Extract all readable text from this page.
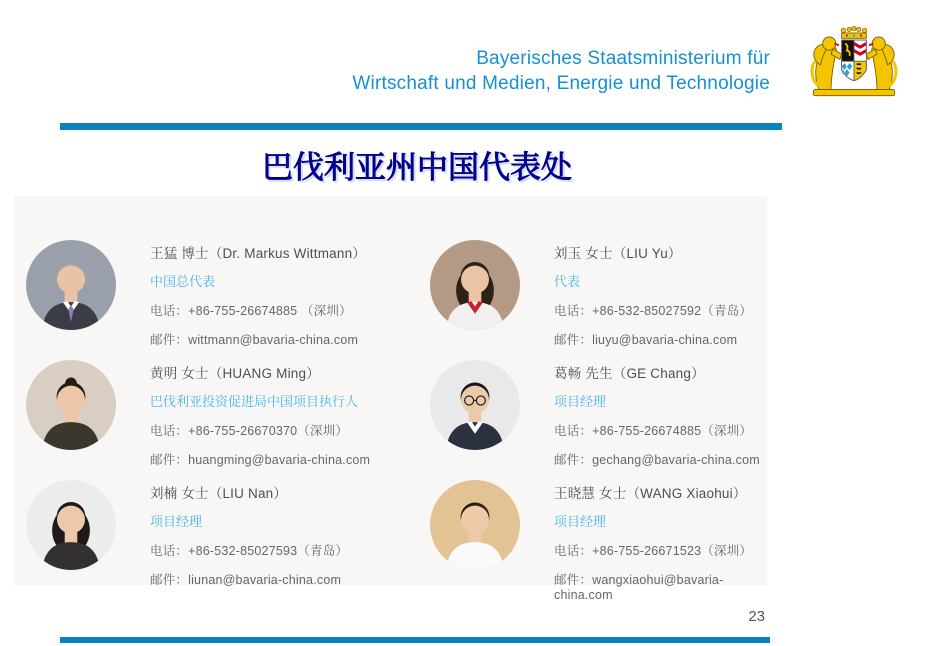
Bayerisches Staatsministerium für
Wirtschaft und Medien, Energie und Technologie
巴伐利亚州中国代表处
王猛 博士（Dr. Markus Wittmann）
中国总代表
电话：+86-755-26674885 （深圳）
邮件：wittmann@bavaria-china.com
刘玉 女士（LIU Yu）
代表
电话：+86-532-85027592（青岛）
邮件：liuyu@bavaria-china.com
黄明 女士（HUANG Ming）
巴伐利亚投资促进局中国项目执行人
电话：+86-755-26670370（深圳）
邮件：huangming@bavaria-china.com
葛畅 先生（GE Chang）
项目经理
电话：+86-755-26674885（深圳）
邮件：gechang@bavaria-china.com
刘楠 女士（LIU Nan）
项目经理
电话：+86-532-85027593（青岛）
邮件：liunan@bavaria-china.com
王晓慧 女士（WANG Xiaohui）
项目经理
电话：+86-755-26671523（深圳）
邮件：wangxiaohui@bavaria-china.com
23
